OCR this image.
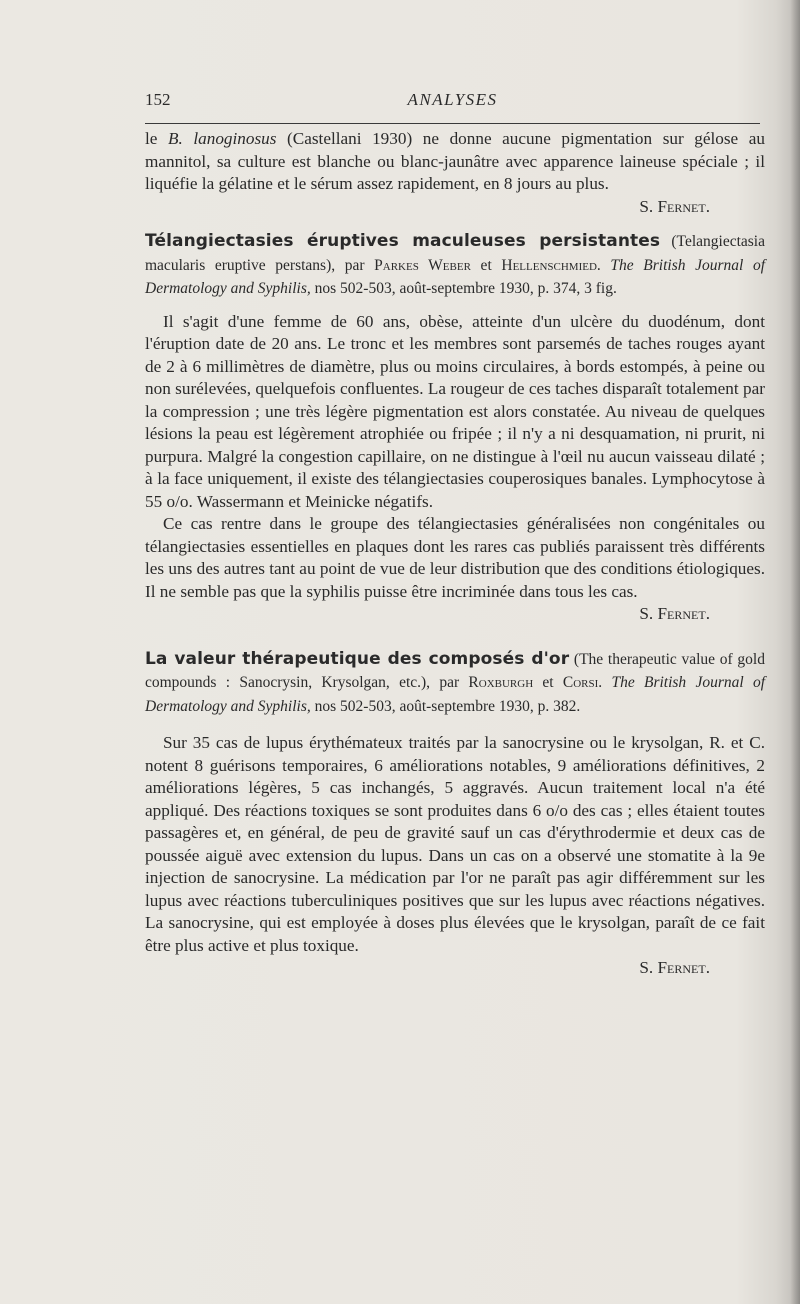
152	ANALYSES

le B. lanoginosus (Castellani 1930) ne donne aucune pigmentation sur gélose au mannitol, sa culture est blanche ou blanc-jaunâtre avec apparence laineuse spéciale ; il liquéfie la gélatine et le sérum assez rapidement, en 8 jours au plus.

S. Fernet.

Télangiectasies éruptives maculeuses persistantes (Telangiectasia macularis eruptive perstans), par Parkes Weber et Hellenschmied. The British Journal of Dermatology and Syphilis, nos 502-503, août-septembre 1930, p. 374, 3 fig.

Il s'agit d'une femme de 60 ans, obèse, atteinte d'un ulcère du duodénum, dont l'éruption date de 20 ans. Le tronc et les membres sont parsemés de taches rouges ayant de 2 à 6 millimètres de diamètre, plus ou moins circulaires, à bords estompés, à peine ou non surélevées, quelquefois confluentes. La rougeur de ces taches disparaît totalement par la compression ; une très légère pigmentation est alors constatée. Au niveau de quelques lésions la peau est légèrement atrophiée ou fripée ; il n'y a ni desquamation, ni prurit, ni purpura. Malgré la congestion capillaire, on ne distingue à l'œil nu aucun vaisseau dilaté ; à la face uniquement, il existe des télangiectasies couperosiques banales. Lymphocytose à 55 o/o. Wassermann et Meinicke négatifs.

Ce cas rentre dans le groupe des télangiectasies généralisées non congénitales ou télangiectasies essentielles en plaques dont les rares cas publiés paraissent très différents les uns des autres tant au point de vue de leur distribution que des conditions étiologiques. Il ne semble pas que la syphilis puisse être incriminée dans tous les cas.

S. Fernet.

La valeur thérapeutique des composés d'or (The therapeutic value of gold compounds : Sanocrysin, Krysolgan, etc.), par Roxburgh et Corsi. The British Journal of Dermatology and Syphilis, nos 502-503, août-septembre 1930, p. 382.

Sur 35 cas de lupus érythémateux traités par la sanocrysine ou le krysolgan, R. et C. notent 8 guérisons temporaires, 6 améliorations notables, 9 améliorations définitives, 2 améliorations légères, 5 cas inchangés, 5 aggravés. Aucun traitement local n'a été appliqué. Des réactions toxiques se sont produites dans 6 o/o des cas ; elles étaient toutes passagères et, en général, de peu de gravité sauf un cas d'érythrodermie et deux cas de poussée aiguë avec extension du lupus. Dans un cas on a observé une stomatite à la 9e injection de sanocrysine. La médication par l'or ne paraît pas agir différemment sur les lupus avec réactions tuberculiniques positives que sur les lupus avec réactions négatives. La sanocrysine, qui est employée à doses plus élevées que le krysolgan, paraît de ce fait être plus active et plus toxique.

S. Fernet.
